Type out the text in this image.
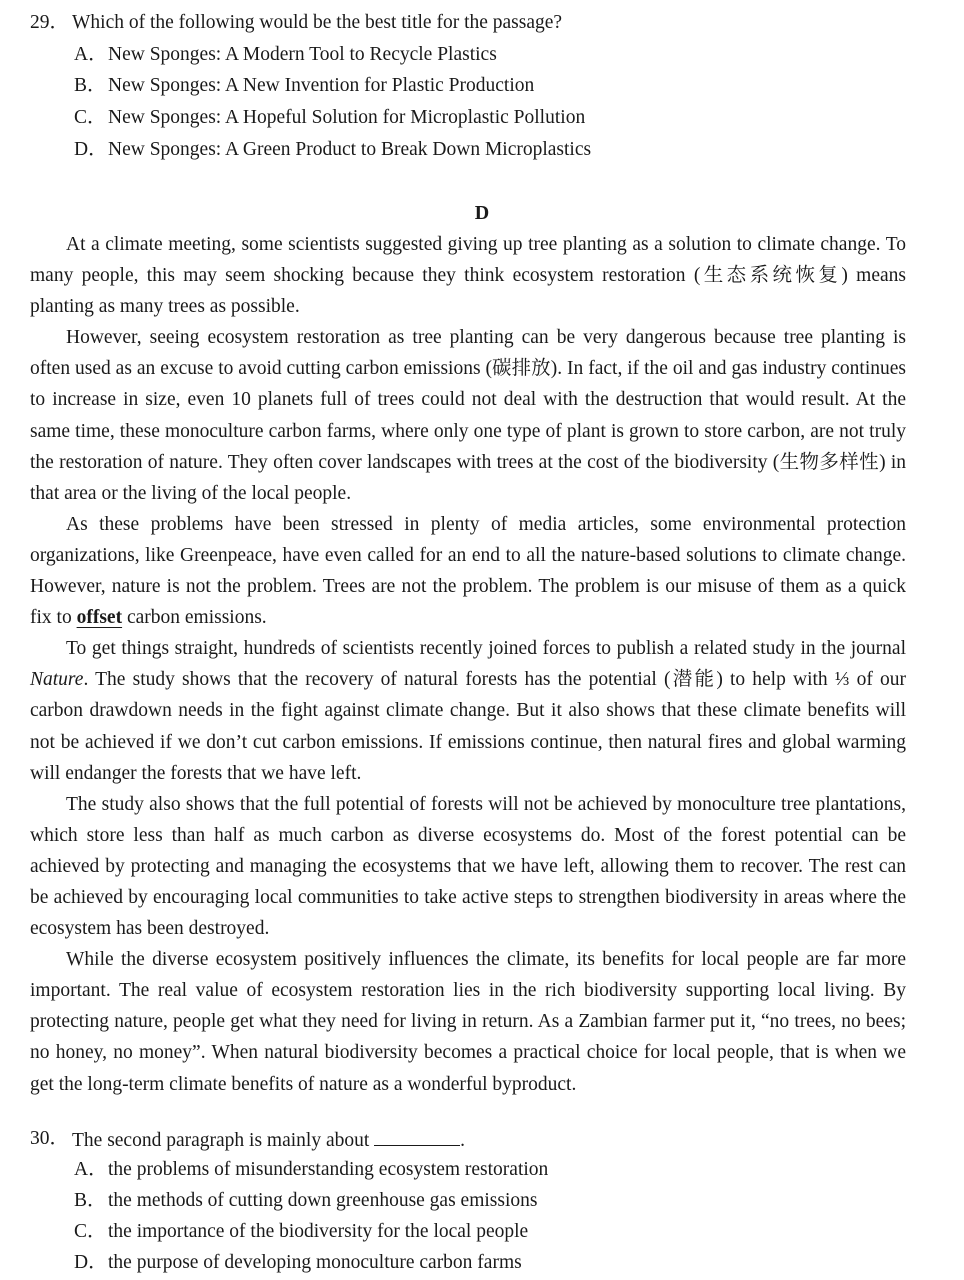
29． Which of the following would be the best title for the passage?
A． New Sponges: A Modern Tool to Recycle Plastics
B． New Sponges: A New Invention for Plastic Production
C． New Sponges: A Hopeful Solution for Microplastic Pollution
D． New Sponges: A Green Product to Break Down Microplastics
D

At a climate meeting, some scientists suggested giving up tree planting as a solution to climate change. To many people, this may seem shocking because they think ecosystem restoration (生态系统恢复) means planting as many trees as possible.

However, seeing ecosystem restoration as tree planting can be very dangerous because tree planting is often used as an excuse to avoid cutting carbon emissions (碳排放). In fact, if the oil and gas industry continues to increase in size, even 10 planets full of trees could not deal with the destruction that would result. At the same time, these monoculture carbon farms, where only one type of plant is grown to store carbon, are not truly the restoration of nature. They often cover landscapes with trees at the cost of the biodiversity (生物多样性) in that area or the living of the local people.

As these problems have been stressed in plenty of media articles, some environmental protection organizations, like Greenpeace, have even called for an end to all the nature-based solutions to climate change. However, nature is not the problem. Trees are not the problem. The problem is our misuse of them as a quick fix to offset carbon emissions.

To get things straight, hundreds of scientists recently joined forces to publish a related study in the journal Nature. The study shows that the recovery of natural forests has the potential (潜能) to help with ⅓ of our carbon drawdown needs in the fight against climate change. But it also shows that these climate benefits will not be achieved if we don’t cut carbon emissions. If emissions continue, then natural fires and global warming will endanger the forests that we have left.

The study also shows that the full potential of forests will not be achieved by monoculture tree plantations, which store less than half as much carbon as diverse ecosystems do. Most of the forest potential can be achieved by protecting and managing the ecosystems that we have left, allowing them to recover. The rest can be achieved by encouraging local communities to take active steps to strengthen biodiversity in areas where the ecosystem has been destroyed.

While the diverse ecosystem positively influences the climate, its benefits for local people are far more important. The real value of ecosystem restoration lies in the rich biodiversity supporting local living. By protecting nature, people get what they need for living in return. As a Zambian farmer put it, “no trees, no bees; no honey, no money”. When natural biodiversity becomes a practical choice for local people, that is when we get the long-term climate benefits of nature as a wonderful byproduct.

30． The second paragraph is mainly about	.
A． the problems of misunderstanding ecosystem restoration
B． the methods of cutting down greenhouse gas emissions
C． the importance of the biodiversity for the local people
D． the purpose of developing monoculture carbon farms
